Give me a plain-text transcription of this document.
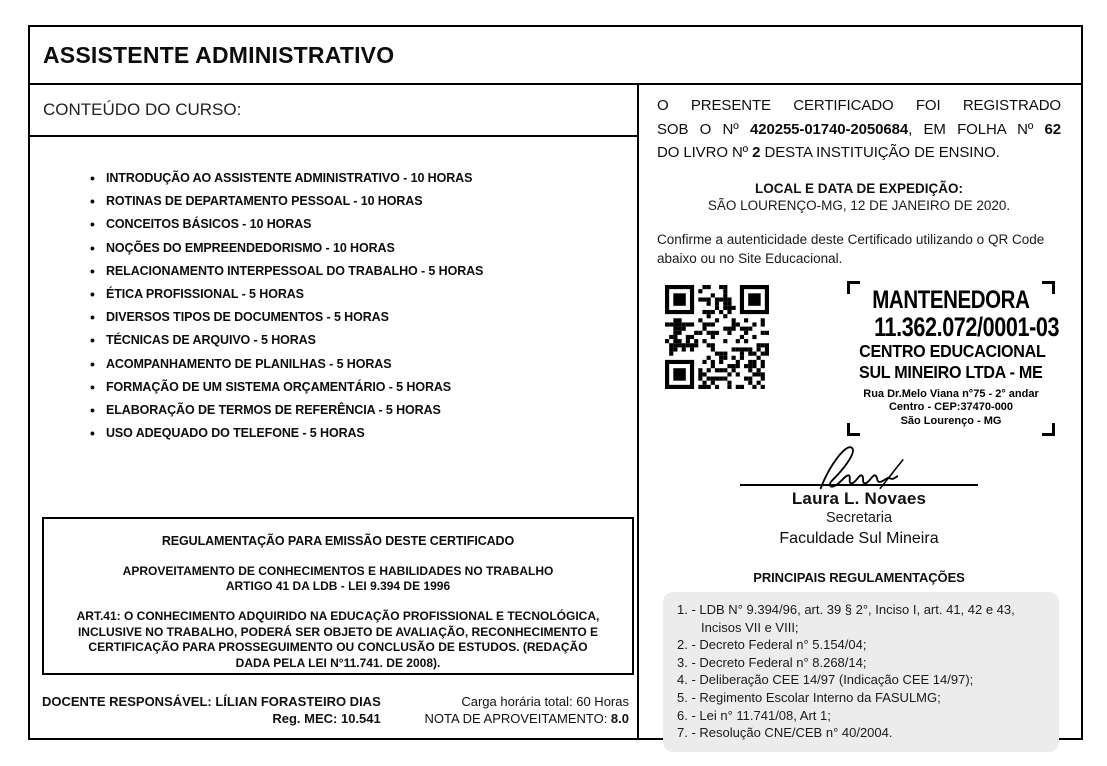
ASSISTENTE ADMINISTRATIVO
CONTEÚDO DO CURSO:
• INTRODUÇÃO AO ASSISTENTE ADMINISTRATIVO - 10 HORAS
• ROTINAS DE DEPARTAMENTO PESSOAL - 10 HORAS
• CONCEITOS BÁSICOS - 10 HORAS
• NOÇÕES DO EMPREENDEDORISMO - 10 HORAS
• RELACIONAMENTO INTERPESSOAL DO TRABALHO - 5 HORAS
• ÉTICA PROFISSIONAL - 5 HORAS
• DIVERSOS TIPOS DE DOCUMENTOS - 5 HORAS
• TÉCNICAS DE ARQUIVO - 5 HORAS
• ACOMPANHAMENTO DE PLANILHAS - 5 HORAS
• FORMAÇÃO DE UM SISTEMA ORÇAMENTÁRIO - 5 HORAS
• ELABORAÇÃO DE TERMOS DE REFERÊNCIA - 5 HORAS
• USO ADEQUADO DO TELEFONE - 5 HORAS
REGULAMENTAÇÃO PARA EMISSÃO DESTE CERTIFICADO
APROVEITAMENTO DE CONHECIMENTOS E HABILIDADES NO TRABALHO
ARTIGO 41 DA LDB - LEI 9.394 DE 1996
ART.41: O CONHECIMENTO ADQUIRIDO NA EDUCAÇÃO PROFISSIONAL E TECNOLÓGICA, INCLUSIVE NO TRABALHO, PODERÁ SER OBJETO DE AVALIAÇÃO, RECONHECIMENTO E CERTIFICAÇÃO PARA PROSSEGUIMENTO OU CONCLUSÃO DE ESTUDOS. (REDAÇÃO DADA PELA LEI N°11.741. DE 2008).
DOCENTE RESPONSÁVEL: LÍLIAN FORASTEIRO DIAS
Reg. MEC: 10.541
Carga horária total: 60 Horas
NOTA DE APROVEITAMENTO: 8.0
O PRESENTE CERTIFICADO FOI REGISTRADO
SOB O Nº 420255-01740-2050684, EM FOLHA Nº 62
DO LIVRO Nº 2 DESTA INSTITUIÇÃO DE ENSINO.
LOCAL E DATA DE EXPEDIÇÃO:
SÃO LOURENÇO-MG, 12 DE JANEIRO DE 2020.

Confirme a autenticidade deste Certificado utilizando o QR Code abaixo ou no Site Educacional.

MANTENEDORA
11.362.072/0001-03
CENTRO EDUCACIONAL
SUL MINEIRO LTDA - ME
Rua Dr.Melo Viana n°75 - 2° andar
Centro - CEP:37470-000
São Lourenço - MG
Laura L. Novaes
Secretaria
Faculdade Sul Mineira
PRINCIPAIS REGULAMENTAÇÕES
1. - LDB N° 9.394/96, art. 39 § 2°, Inciso I, art. 41, 42 e 43, Incisos VII e VIII;
2. - Decreto Federal n° 5.154/04;
3. - Decreto Federal n° 8.268/14;
4. - Deliberação CEE 14/97 (Indicação CEE 14/97);
5. - Regimento Escolar Interno da FASULMG;
6. - Lei n° 11.741/08, Art 1;
7. - Resolução CNE/CEB n° 40/2004.
